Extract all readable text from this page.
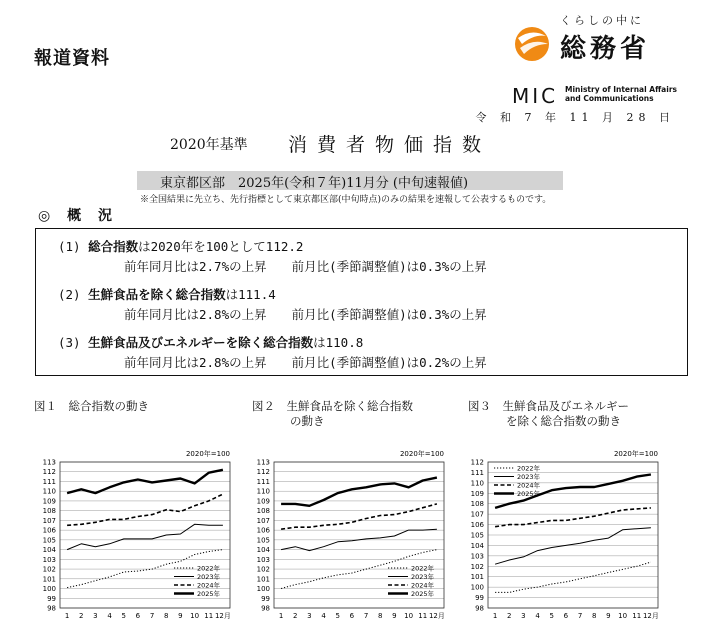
報道資料
くらしの中に
総務省
MIC Ministry of Internal Affairs
and Communications
令 和 7 年 11 月 28 日
2020年基準 消費者物価指数
東京都区部　2025年(令和７年)11月分 (中旬速報値)
※全国結果に先立ち、先行指標として東京都区部(中旬時点)のみの結果を速報して公表するものです。
◎ 概 況
(1) 総合指数は2020年を100として112.2
前年同月比は2.7%の上昇　　前月比(季節調整値)は0.3%の上昇
(2) 生鮮食品を除く総合指数は111.4
前年同月比は2.8%の上昇　　前月比(季節調整値)は0.3%の上昇
(3) 生鮮食品及びエネルギーを除く総合指数は110.8
前年同月比は2.8%の上昇　　前月比(季節調整値)は0.2%の上昇
図１　総合指数の動き	図２　生鮮食品を除く総合指数
の動き
図３　生鮮食品及びエネルギー
を除く総合指数の動き
2020年=100
98
99
100
101
102
103
104
105
106
107
108
109
110
111
112
113
1 2 3 4 5 6 7 8 9 10 11 12月
2022年
2023年
2024年
2025年
2020年=100
98
99
100
101
102
103
104
105
106
107
108
109
110
111
112
113
1 2 3 4 5 6 7 8 9 10 11 12月
2022年
2023年
2024年
2025年
2020年=100
98
99
100
101
102
103
104
105
106
107
108
109
110
111
112
1 2 3 4 5 6 7 8 9 10 11 12月
2022年
2023年
2024年
2025年
